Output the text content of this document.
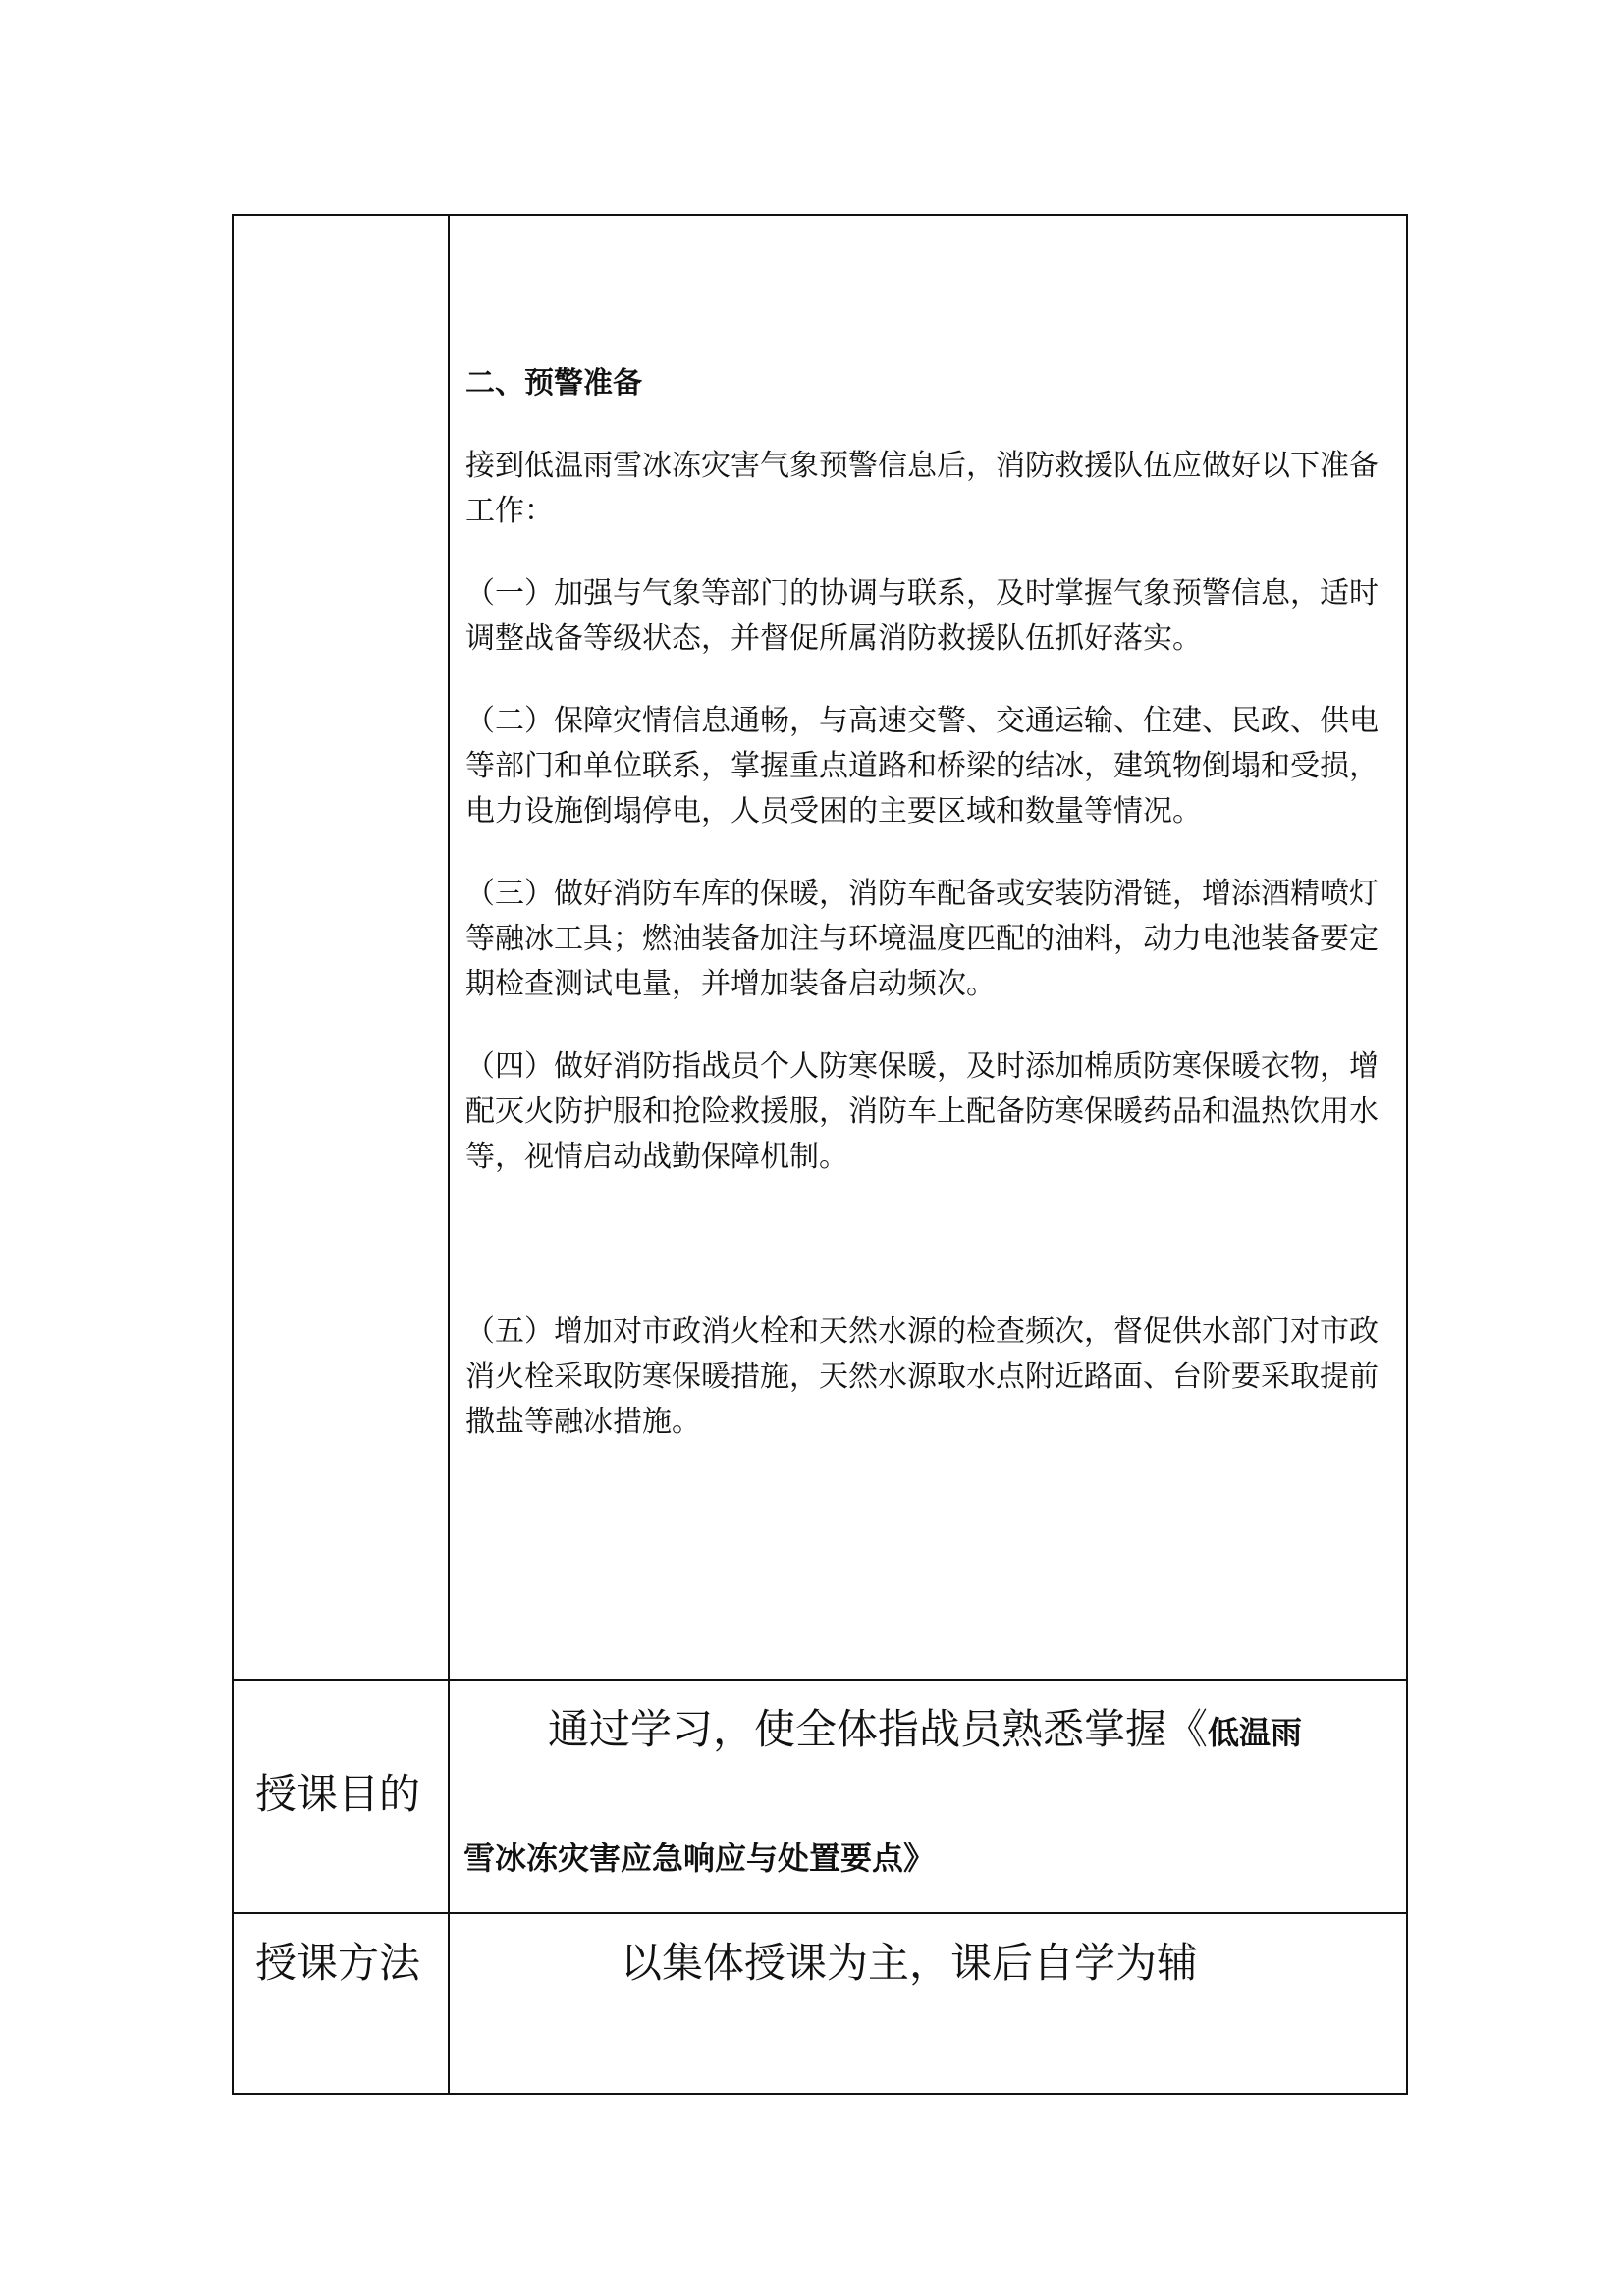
二、预警准备

接到低温雨雪冰冻灾害气象预警信息后，消防救援队伍应做好以下准备工作：

（一）加强与气象等部门的协调与联系，及时掌握气象预警信息，适时调整战备等级状态，并督促所属消防救援队伍抓好落实。

（二）保障灾情信息通畅，与高速交警、交通运输、住建、民政、供电等部门和单位联系，掌握重点道路和桥梁的结冰，建筑物倒塌和受损，电力设施倒塌停电，人员受困的主要区域和数量等情况。

（三）做好消防车库的保暖，消防车配备或安装防滑链，增添酒精喷灯等融冰工具；燃油装备加注与环境温度匹配的油料，动力电池装备要定期检查测试电量，并增加装备启动频次。

（四）做好消防指战员个人防寒保暖，及时添加棉质防寒保暖衣物，增配灭火防护服和抢险救援服，消防车上配备防寒保暖药品和温热饮用水等，视情启动战勤保障机制。

（五）增加对市政消火栓和天然水源的检查频次，督促供水部门对市政消火栓采取防寒保暖措施，天然水源取水点附近路面、台阶要采取提前撒盐等融冰措施。

授课目的
通过学习，使全体指战员熟悉掌握《低温雨
雪冰冻灾害应急响应与处置要点》
授课方法	以集体授课为主，课后自学为辅
